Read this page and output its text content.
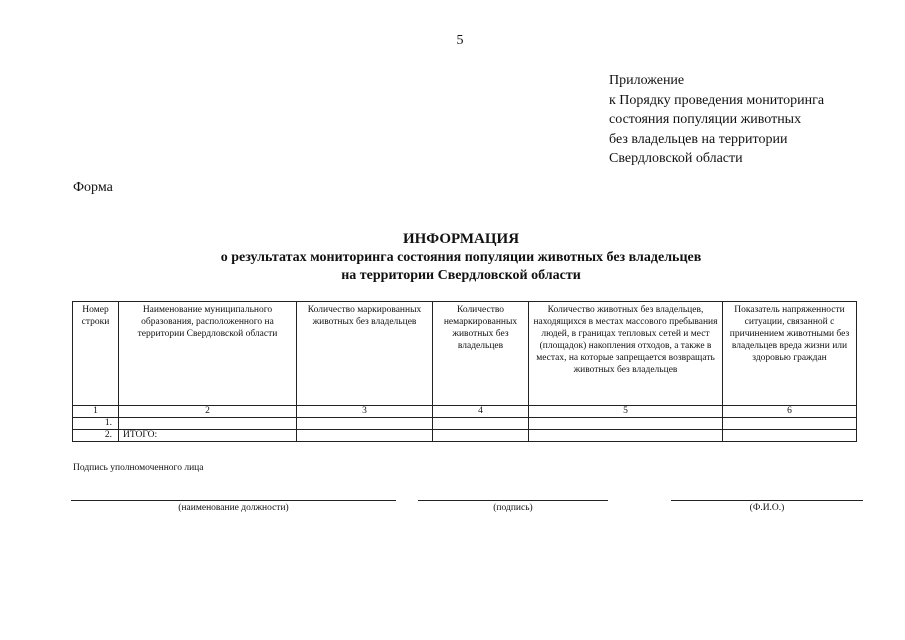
5
Приложение
к Порядку проведения мониторинга
состояния популяции животных
без владельцев на территории
Свердловской области
Форма
ИНФОРМАЦИЯ
о результатах мониторинга состояния популяции животных без владельцев
на территории Свердловской области
Номер строки	Наименование муниципального образования, расположенного на территории Свердловской области	Количество маркированных животных без владельцев	Количество немаркированных животных без владельцев	Количество животных без владельцев, находящихся в местах массового пребывания людей, в границах тепловых сетей и мест (площадок) накопления отходов, а также в местах, на которые запрещается возвращать животных без владельцев	Показатель напряженности ситуации, связанной с причинением животными без владельцев вреда жизни или здоровью граждан
1	2	3	4	5	6
1.					
2.	ИТОГО:				
Подпись уполномоченного лица
(наименование должности)	(подпись)	(Ф.И.О.)
